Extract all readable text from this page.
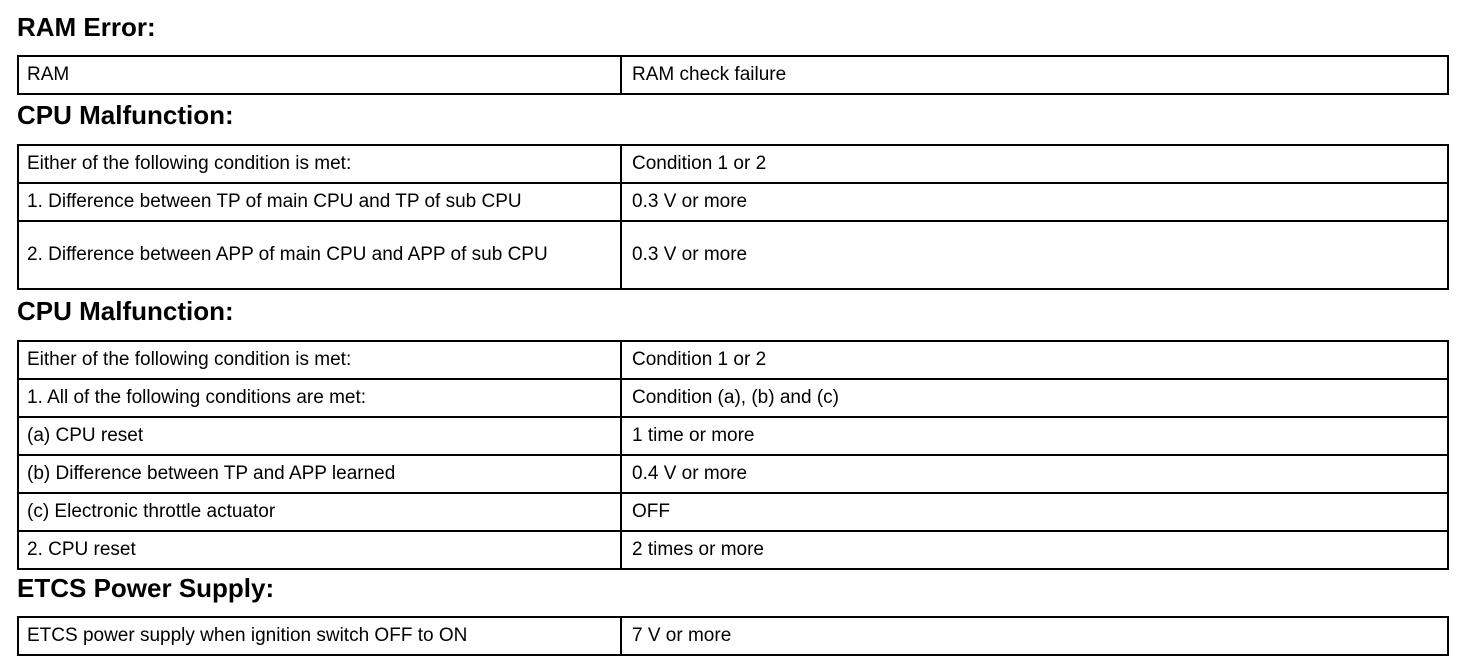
RAM Error:
RAM	RAM check failure
CPU Malfunction:
Either of the following condition is met:	Condition 1 or 2
1. Difference between TP of main CPU and TP of sub CPU	0.3 V or more
2. Difference between APP of main CPU and APP of sub CPU	0.3 V or more
CPU Malfunction:
Either of the following condition is met:	Condition 1 or 2
1. All of the following conditions are met:	Condition (a), (b) and (c)
(a) CPU reset	1 time or more
(b) Difference between TP and APP learned	0.4 V or more
(c) Electronic throttle actuator	OFF
2. CPU reset	2 times or more
ETCS Power Supply:
ETCS power supply when ignition switch OFF to ON	7 V or more
